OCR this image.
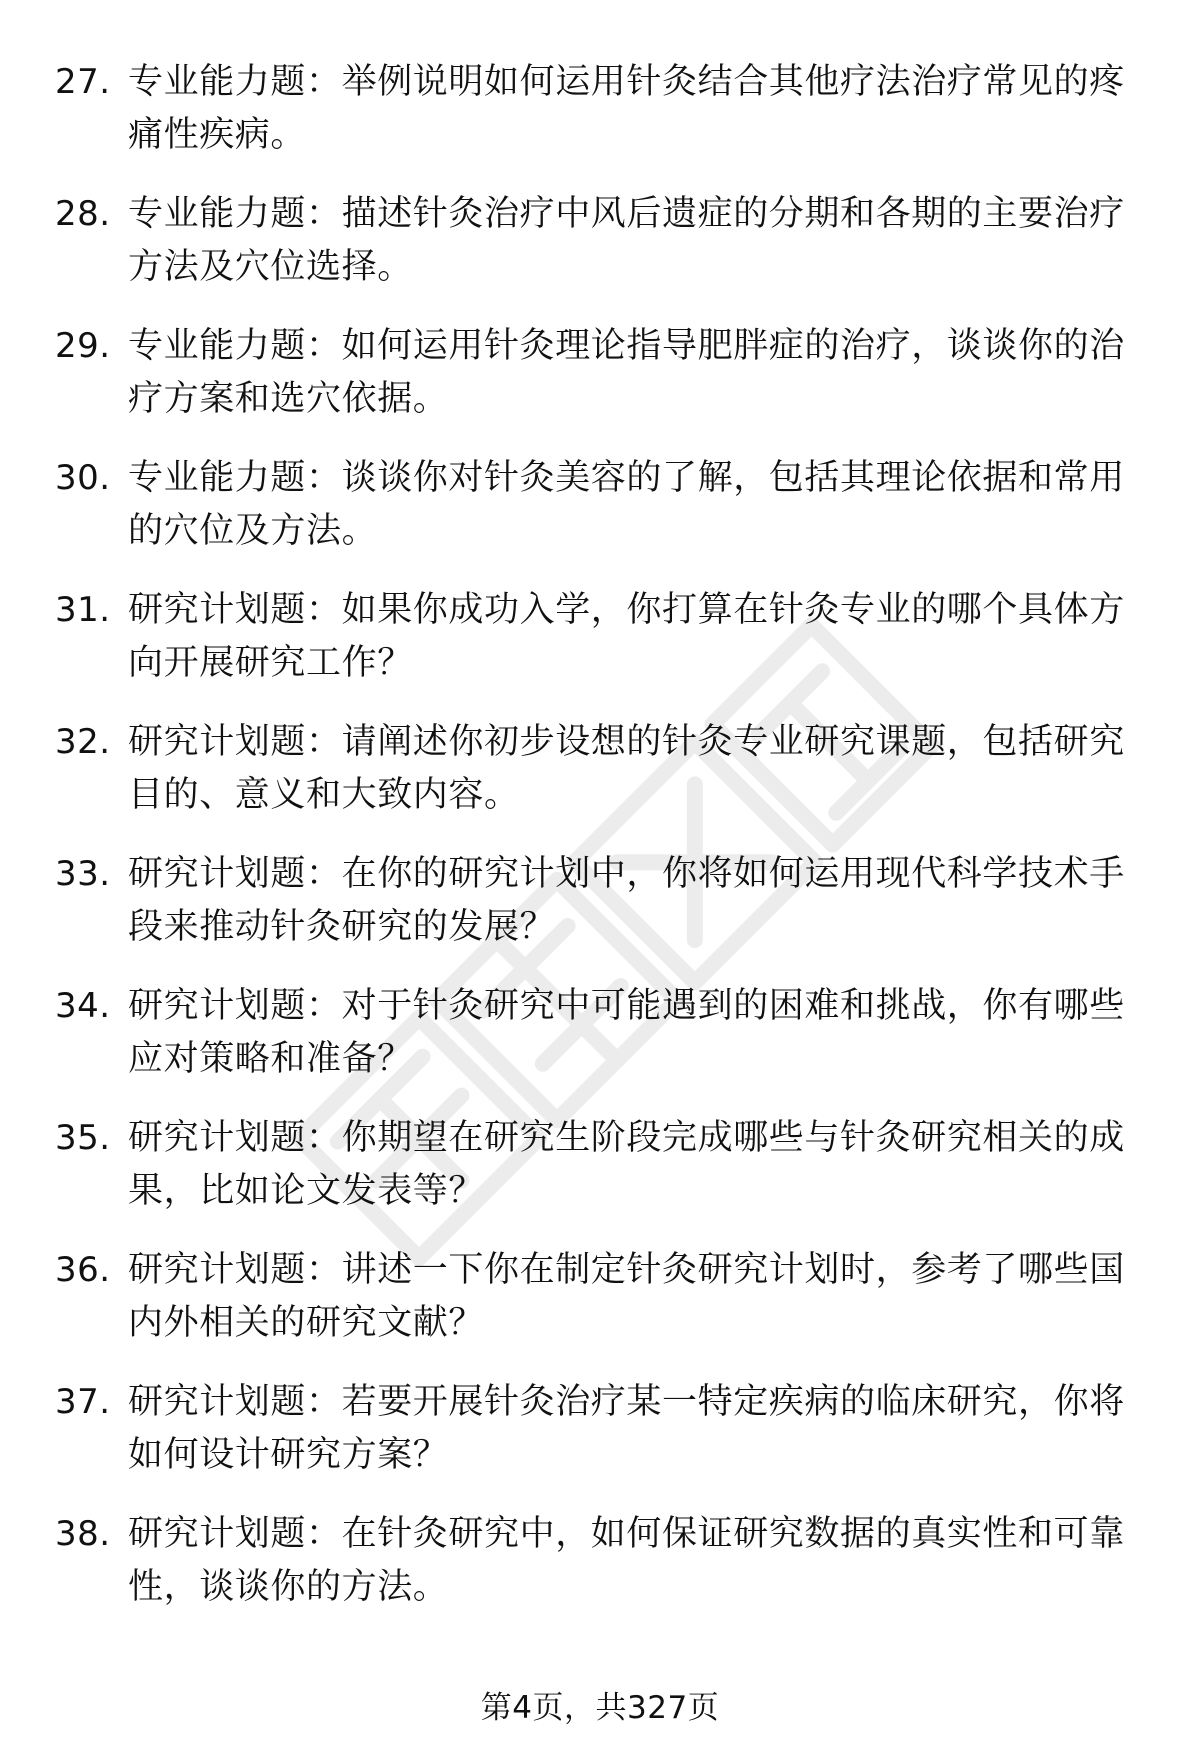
27. 专业能力题：举例说明如何运用针灸结合其他疗法治疗常见的疼痛性疾病。
28. 专业能力题：描述针灸治疗中风后遗症的分期和各期的主要治疗方法及穴位选择。
29. 专业能力题：如何运用针灸理论指导肥胖症的治疗，谈谈你的治疗方案和选穴依据。
30. 专业能力题：谈谈你对针灸美容的了解，包括其理论依据和常用的穴位及方法。
31. 研究计划题：如果你成功入学，你打算在针灸专业的哪个具体方向开展研究工作？
32. 研究计划题：请阐述你初步设想的针灸专业研究课题，包括研究目的、意义和大致内容。
33. 研究计划题：在你的研究计划中，你将如何运用现代科学技术手段来推动针灸研究的发展？
34. 研究计划题：对于针灸研究中可能遇到的困难和挑战，你有哪些应对策略和准备？
35. 研究计划题：你期望在研究生阶段完成哪些与针灸研究相关的成果，比如论文发表等？
36. 研究计划题：讲述一下你在制定针灸研究计划时，参考了哪些国内外相关的研究文献？
37. 研究计划题：若要开展针灸治疗某一特定疾病的临床研究，你将如何设计研究方案？
38. 研究计划题：在针灸研究中，如何保证研究数据的真实性和可靠性，谈谈你的方法。
第4页，共327页
